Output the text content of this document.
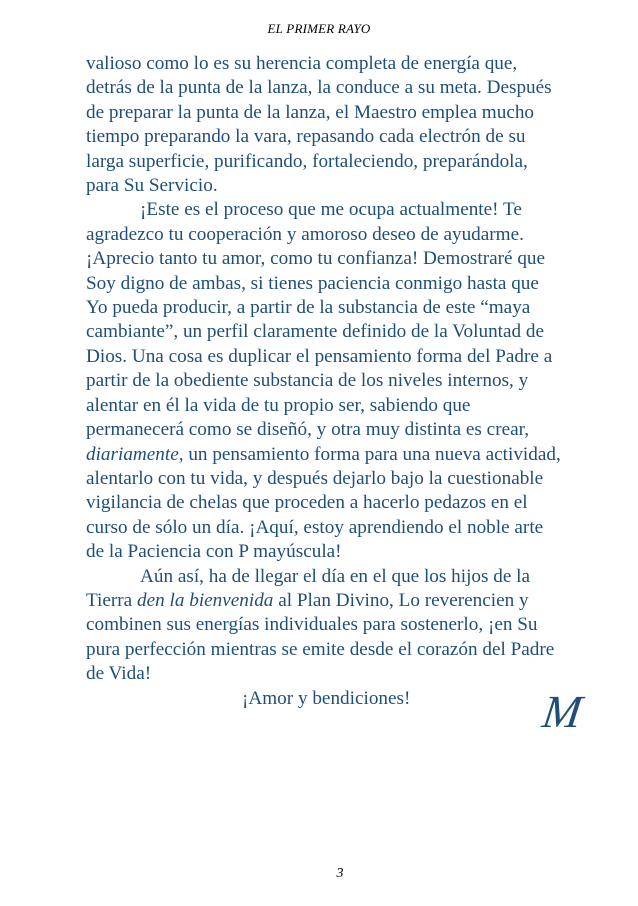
EL PRIMER RAYO
valioso como lo es su herencia completa de energía que,
detrás de la punta de la lanza, la conduce a su meta. Después
de preparar la punta de la lanza, el Maestro emplea mucho
tiempo preparando la vara, repasando cada electrón de su
larga superficie, purificando, fortaleciendo, preparándola,
para Su Servicio.
¡Este es el proceso que me ocupa actualmente! Te
agradezco tu cooperación y amoroso deseo de ayudarme.
¡Aprecio tanto tu amor, como tu confianza! Demostraré que
Soy digno de ambas, si tienes paciencia conmigo hasta que
Yo pueda producir, a partir de la substancia de este “maya
cambiante”, un perfil claramente definido de la Voluntad de
Dios. Una cosa es duplicar el pensamiento forma del Padre a
partir de la obediente substancia de los niveles internos, y
alentar en él la vida de tu propio ser, sabiendo que
permanecerá como se diseñó, y otra muy distinta es crear,
diariamente, un pensamiento forma para una nueva actividad,
alentarlo con tu vida, y después dejarlo bajo la cuestionable
vigilancia de chelas que proceden a hacerlo pedazos en el
curso de sólo un día. ¡Aquí, estoy aprendiendo el noble arte
de la Paciencia con P mayúscula!
Aún así, ha de llegar el día en el que los hijos de la
Tierra den la bienvenida al Plan Divino, Lo reverencien y
combinen sus energías individuales para sostenerlo, ¡en Su
pura perfección mientras se emite desde el corazón del Padre
de Vida!
¡Amor y bendiciones!	M
3
